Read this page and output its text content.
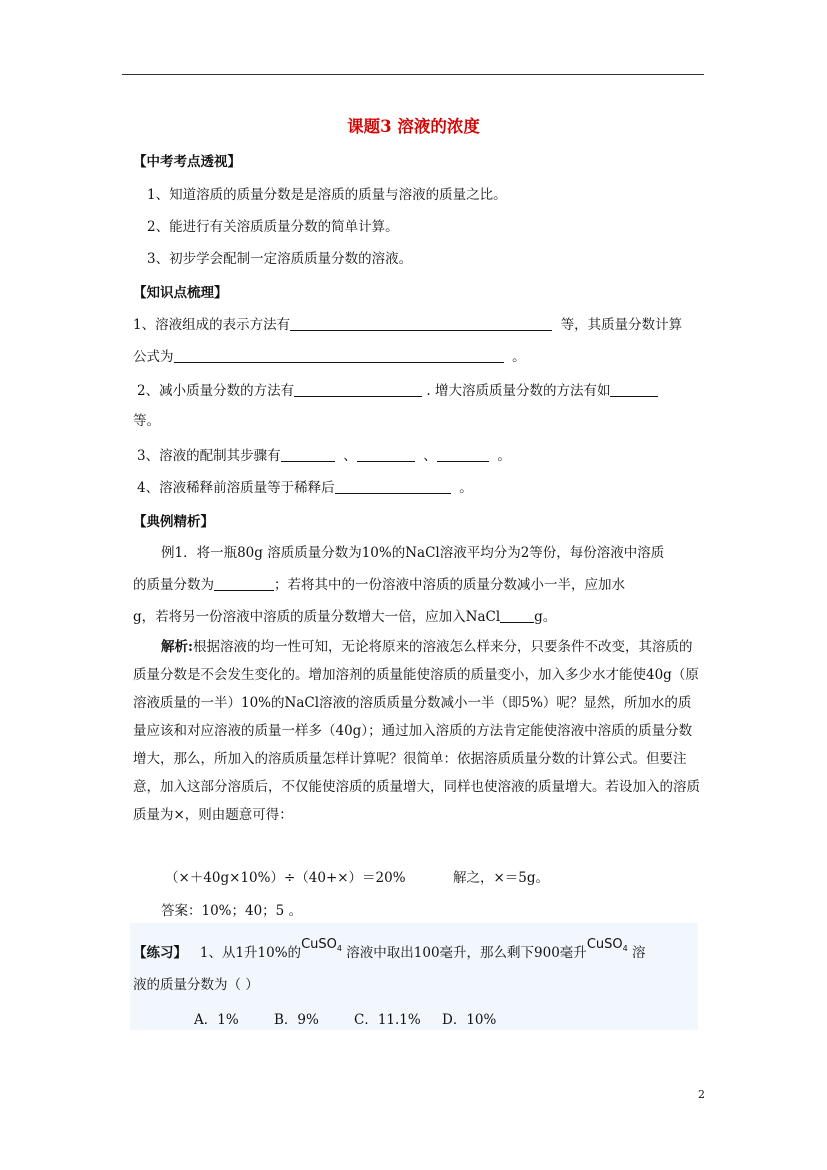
课题3 溶液的浓度
【中考考点透视】
1、知道溶质的质量分数是是溶质的质量与溶液的质量之比。
2、能进行有关溶质质量分数的简单计算。
3、初步学会配制一定溶质质量分数的溶液。
【知识点梳理】
1、溶液组成的表示方法有	等，其质量分数计算
公式为	。
2、减小质量分数的方法有	. 增大溶质质量分数的方法有如
等。
3、溶液的配制其步骤有	、	、	。
4、溶液稀释前溶质量等于稀释后	。
【典例精析】
例1．将一瓶80g 溶质质量分数为10%的NaCl溶液平均分为2等份，每份溶液中溶质
的质量分数为	；若将其中的一份溶液中溶质的质量分数减小一半，应加水
g，若将另一份溶液中溶质的质量分数增大一倍，应加入NaCl	g。
解析:根据溶液的均一性可知，无论将原来的溶液怎么样来分，只要条件不改变，其溶质的质量分数是不会发生变化的。增加溶剂的质量能使溶质的质量变小，加入多少水才能使40g（原溶液质量的一半）10%的NaCl溶液的溶质质量分数减小一半（即5%）呢？显然，所加水的质量应该和对应溶液的质量一样多（40g）；通过加入溶质的方法肯定能使溶液中溶质的质量分数增大，那么，所加入的溶质质量怎样计算呢？很简单：依据溶质质量分数的计算公式。但要注意，加入这部分溶质后，不仅能使溶质的质量增大，同样也使溶液的质量增大。若设加入的溶质质量为×，则由题意可得：
（×＋40g×10%）÷（40+×）＝20%	解之，×＝5g。
答案：10%；40；5 。
【练习】 1、从1升10%的CuSO$_4$ 溶液中取出100毫升，那么剩下900毫升CuSO$_4$ 溶
液的质量分数为（ ）
A．1%	B．9%	C．11.1% D．10%
2
